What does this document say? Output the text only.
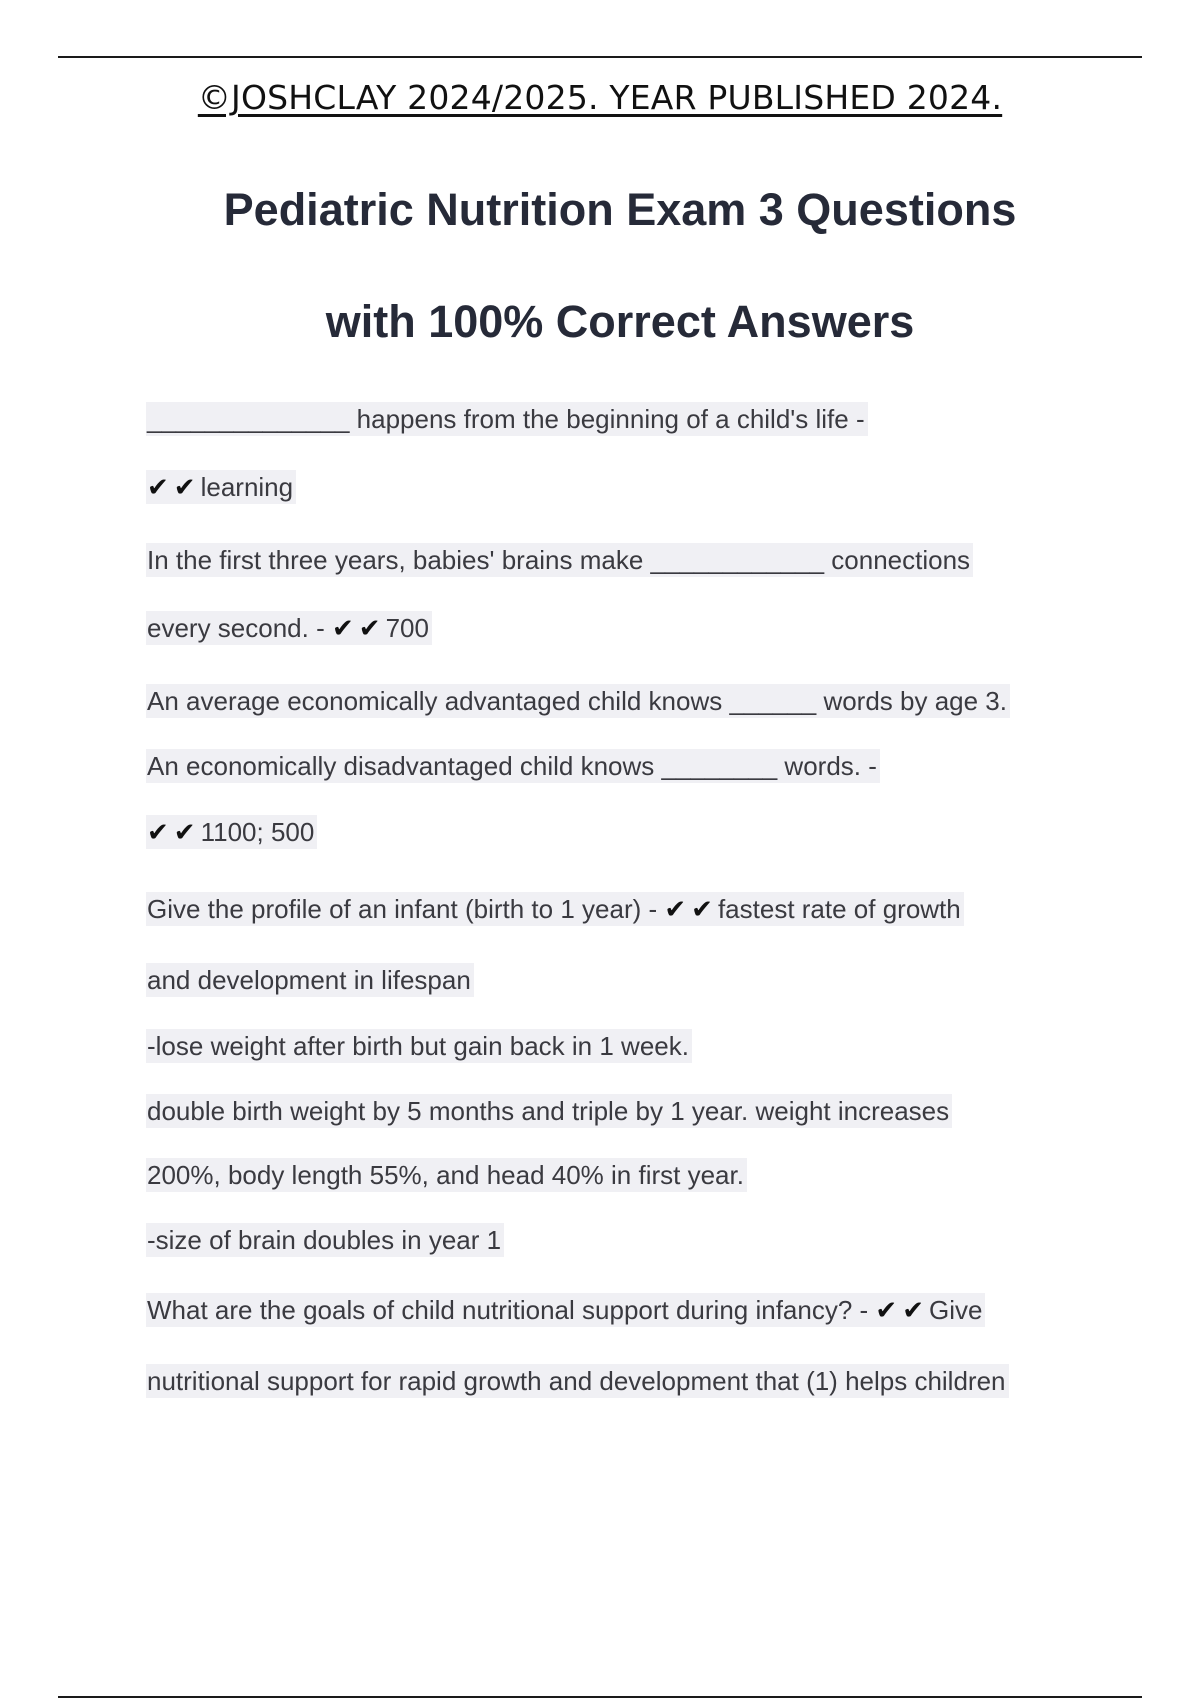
©JOSHCLAY 2024/2025. YEAR PUBLISHED 2024.
Pediatric Nutrition Exam 3 Questions
with 100% Correct Answers
______________ happens from the beginning of a child's life -
✔ ✔ learning
In the first three years, babies' brains make ____________ connections
every second. - ✔ ✔ 700
An average economically advantaged child knows ______ words by age 3.
An economically disadvantaged child knows ________ words. -
✔ ✔ 1100; 500
Give the profile of an infant (birth to 1 year) - ✔ ✔ fastest rate of growth
and development in lifespan
-lose weight after birth but gain back in 1 week.
double birth weight by 5 months and triple by 1 year. weight increases
200%, body length 55%, and head 40% in first year.
-size of brain doubles in year 1
What are the goals of child nutritional support during infancy? - ✔ ✔ Give
nutritional support for rapid growth and development that (1) helps children
